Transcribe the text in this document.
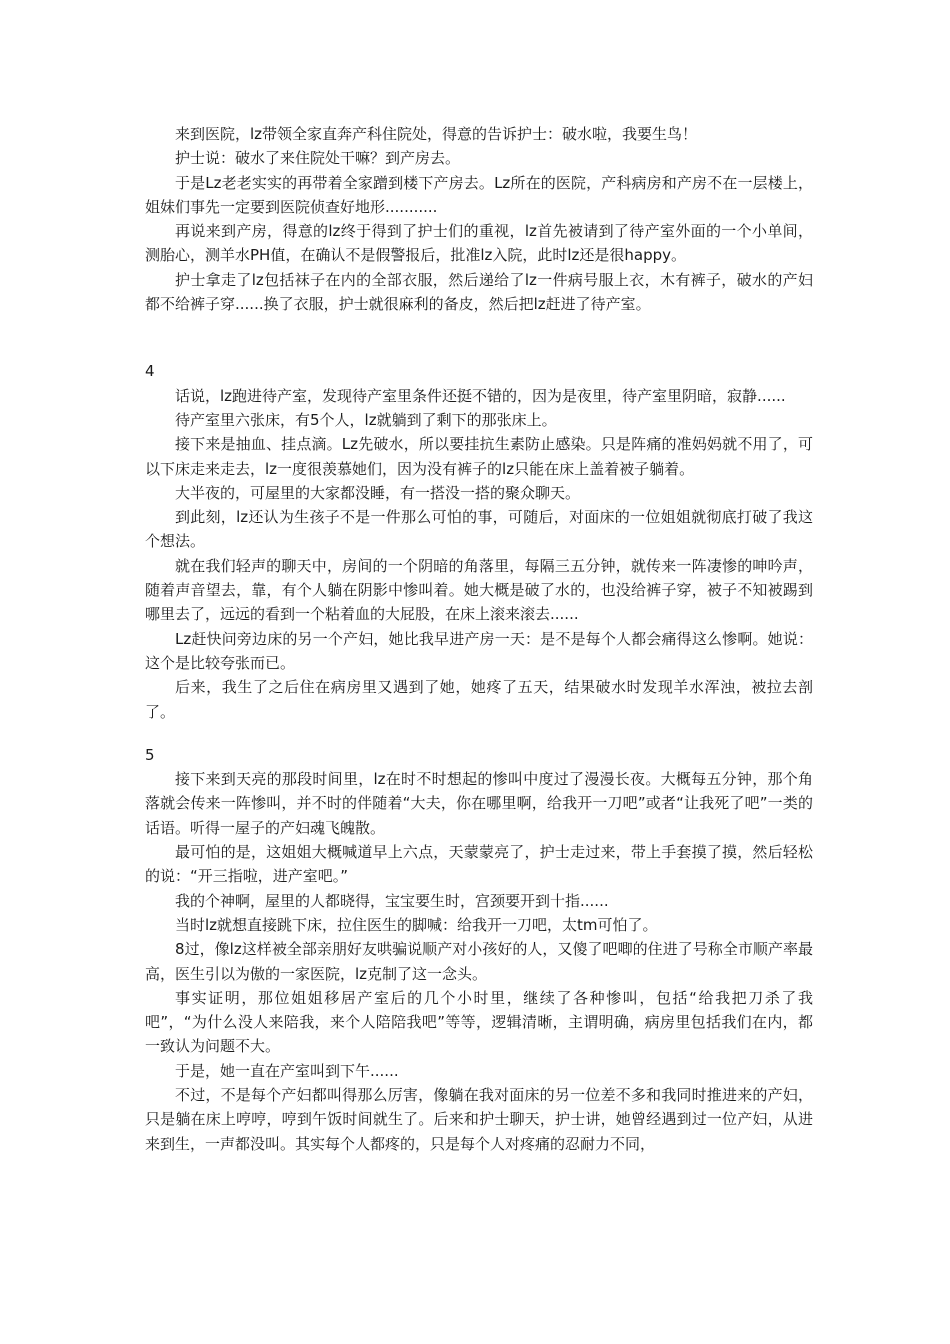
来到医院，lz带领全家直奔产科住院处，得意的告诉护士：破水啦，我要生鸟！

护士说：破水了来住院处干嘛？到产房去。

于是Lz老老实实的再带着全家蹭到楼下产房去。Lz所在的医院，产科病房和产房不在一层楼上，姐妹们事先一定要到医院侦查好地形...........

再说来到产房，得意的lz终于得到了护士们的重视，lz首先被请到了待产室外面的一个小单间，测胎心，测羊水PH值，在确认不是假警报后，批准lz入院，此时lz还是很happy。

护士拿走了lz包括袜子在内的全部衣服，然后递给了lz一件病号服上衣，木有裤子，破水的产妇都不给裤子穿......换了衣服，护士就很麻利的备皮，然后把lz赶进了待产室。

4

话说，lz跑进待产室，发现待产室里条件还挺不错的，因为是夜里，待产室里阴暗，寂静......

待产室里六张床，有5个人，lz就躺到了剩下的那张床上。

接下来是抽血、挂点滴。Lz先破水，所以要挂抗生素防止感染。只是阵痛的准妈妈就不用了，可以下床走来走去，lz一度很羡慕她们，因为没有裤子的lz只能在床上盖着被子躺着。

大半夜的，可屋里的大家都没睡，有一搭没一搭的聚众聊天。

到此刻，lz还认为生孩子不是一件那么可怕的事，可随后，对面床的一位姐姐就彻底打破了我这个想法。

就在我们轻声的聊天中，房间的一个阴暗的角落里，每隔三五分钟，就传来一阵凄惨的呻吟声，随着声音望去，靠，有个人躺在阴影中惨叫着。她大概是破了水的，也没给裤子穿，被子不知被踢到哪里去了，远远的看到一个粘着血的大屁股，在床上滚来滚去......

Lz赶快问旁边床的另一个产妇，她比我早进产房一天：是不是每个人都会痛得这么惨啊。她说：这个是比较夸张而已。

后来，我生了之后住在病房里又遇到了她，她疼了五天，结果破水时发现羊水浑浊，被拉去剖了。

5

接下来到天亮的那段时间里，lz在时不时想起的惨叫中度过了漫漫长夜。大概每五分钟，那个角落就会传来一阵惨叫，并不时的伴随着“大夫，你在哪里啊，给我开一刀吧”或者“让我死了吧”一类的话语。听得一屋子的产妇魂飞魄散。

最可怕的是，这姐姐大概喊道早上六点，天蒙蒙亮了，护士走过来，带上手套摸了摸，然后轻松的说：“开三指啦，进产室吧。”

我的个神啊，屋里的人都晓得，宝宝要生时，宫颈要开到十指......

当时lz就想直接跳下床，拉住医生的脚喊：给我开一刀吧，太tm可怕了。

8过，像lz这样被全部亲朋好友哄骗说顺产对小孩好的人，又傻了吧唧的住进了号称全市顺产率最高，医生引以为傲的一家医院，lz克制了这一念头。

事实证明，那位姐姐移居产室后的几个小时里，继续了各种惨叫，包括“给我把刀杀了我吧”，“为什么没人来陪我，来个人陪陪我吧”等等，逻辑清晰，主谓明确，病房里包括我们在内，都一致认为问题不大。

于是，她一直在产室叫到下午......

不过，不是每个产妇都叫得那么厉害，像躺在我对面床的另一位差不多和我同时推进来的产妇，只是躺在床上哼哼，哼到午饭时间就生了。后来和护士聊天，护士讲，她曾经遇到过一位产妇，从进来到生，一声都没叫。其实每个人都疼的，只是每个人对疼痛的忍耐力不同，
